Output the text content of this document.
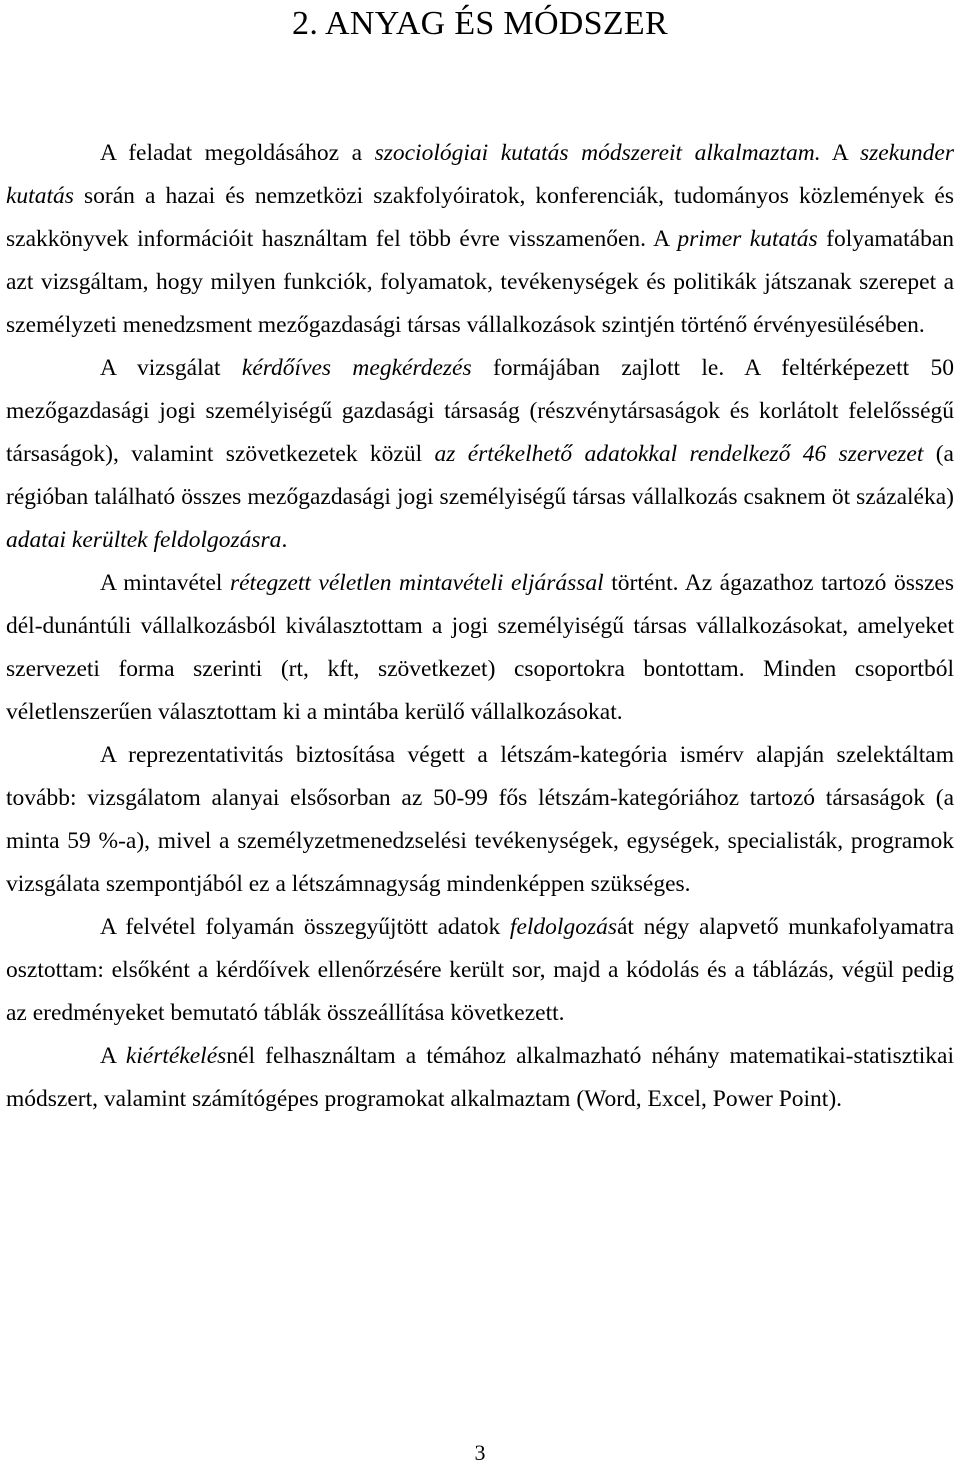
2. ANYAG ÉS MÓDSZER

A feladat megoldásához a szociológiai kutatás módszereit alkalmaztam. A szekunder kutatás során a hazai és nemzetközi szakfolyóiratok, konferenciák, tudományos közlemények és szakkönyvek információit használtam fel több évre visszamenően. A primer kutatás folyamatában azt vizsgáltam, hogy milyen funkciók, folyamatok, tevékenységek és politikák játszanak szerepet a személyzeti menedzsment mezőgazdasági társas vállalkozások szintjén történő érvényesülésében.

A vizsgálat kérdőíves megkérdezés formájában zajlott le. A feltérképezett 50 mezőgazdasági jogi személyiségű gazdasági társaság (részvénytársaságok és korlátolt felelősségű társaságok), valamint szövetkezetek közül az értékelhető adatokkal rendelkező 46 szervezet (a régióban található összes mezőgazdasági jogi személyiségű társas vállalkozás csaknem öt százaléka) adatai kerültek feldolgozásra.

A mintavétel rétegzett véletlen mintavételi eljárással történt. Az ágazathoz tartozó összes dél-dunántúli vállalkozásból kiválasztottam a jogi személyiségű társas vállalkozásokat, amelyeket szervezeti forma szerinti (rt, kft, szövetkezet) csoportokra bontottam. Minden csoportból véletlenszerűen választottam ki a mintába kerülő vállalkozásokat.

A reprezentativitás biztosítása végett a létszám-kategória ismérv alapján szelektáltam tovább: vizsgálatom alanyai elsősorban az 50-99 fős létszám-kategóriához tartozó társaságok (a minta 59 %-a), mivel a személyzetmenedzselési tevékenységek, egységek, specialisták, programok vizsgálata szempontjából ez a létszámnagyság mindenképpen szükséges.

A felvétel folyamán összegyűjtött adatok feldolgozását négy alapvető munkafolyamatra osztottam: elsőként a kérdőívek ellenőrzésére került sor, majd a kódolás és a táblázás, végül pedig az eredményeket bemutató táblák összeállítása következett.

A kiértékelésnél felhasználtam a témához alkalmazható néhány matematikai-statisztikai módszert, valamint számítógépes programokat alkalmaztam (Word, Excel, Power Point).

3
